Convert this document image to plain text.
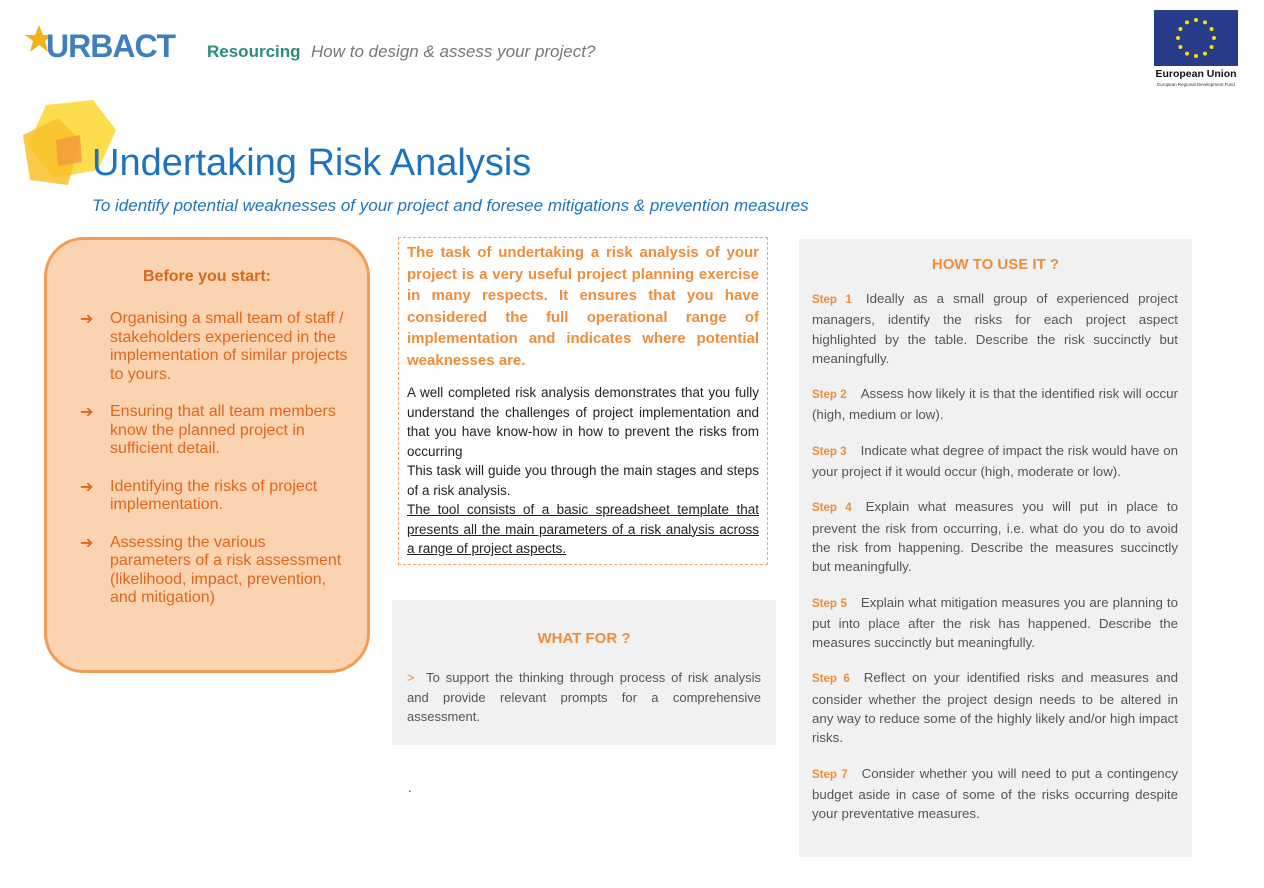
URBACT Resourcing How to design & assess your project?
European Union
European Regional Development Fund
Undertaking Risk Analysis
To identify potential weaknesses of your project and foresee mitigations & prevention measures
Before you start:
➔ Organising a small team of staff / stakeholders experienced in the implementation of similar projects to yours.
➔ Ensuring that all team members know the planned project in sufficient detail.
➔ Identifying the risks of project implementation.
➔ Assessing the various parameters of a risk assessment (likelihood, impact, prevention, and mitigation)

The task of undertaking a risk analysis of your project is a very useful project planning exercise in many respects. It ensures that you have considered the full operational range of implementation and indicates where potential weaknesses are.

A well completed risk analysis demonstrates that you fully understand the challenges of project implementation and that you have know-how in how to prevent the risks from occurring

This task will guide you through the main stages and steps of a risk analysis.

The tool consists of a basic spreadsheet template that presents all the main parameters of a risk analysis across a range of project aspects.

WHAT FOR ?

> To support the thinking through process of risk analysis and provide relevant prompts for a comprehensive assessment.

.
HOW TO USE IT ?
Step 1 Ideally as a small group of experienced project managers, identify the risks for each project aspect highlighted by the table. Describe the risk succinctly but meaningfully.
Step 2 Assess how likely it is that the identified risk will occur (high, medium or low).
Step 3 Indicate what degree of impact the risk would have on your project if it would occur (high, moderate or low).
Step 4 Explain what measures you will put in place to prevent the risk from occurring, i.e. what do you do to avoid the risk from happening. Describe the measures succinctly but meaningfully.
Step 5 Explain what mitigation measures you are planning to put into place after the risk has happened. Describe the measures succinctly but meaningfully.
Step 6 Reflect on your identified risks and measures and consider whether the project design needs to be altered in any way to reduce some of the highly likely and/or high impact risks.
Step 7 Consider whether you will need to put a contingency budget aside in case of some of the risks occurring despite your preventative measures.
